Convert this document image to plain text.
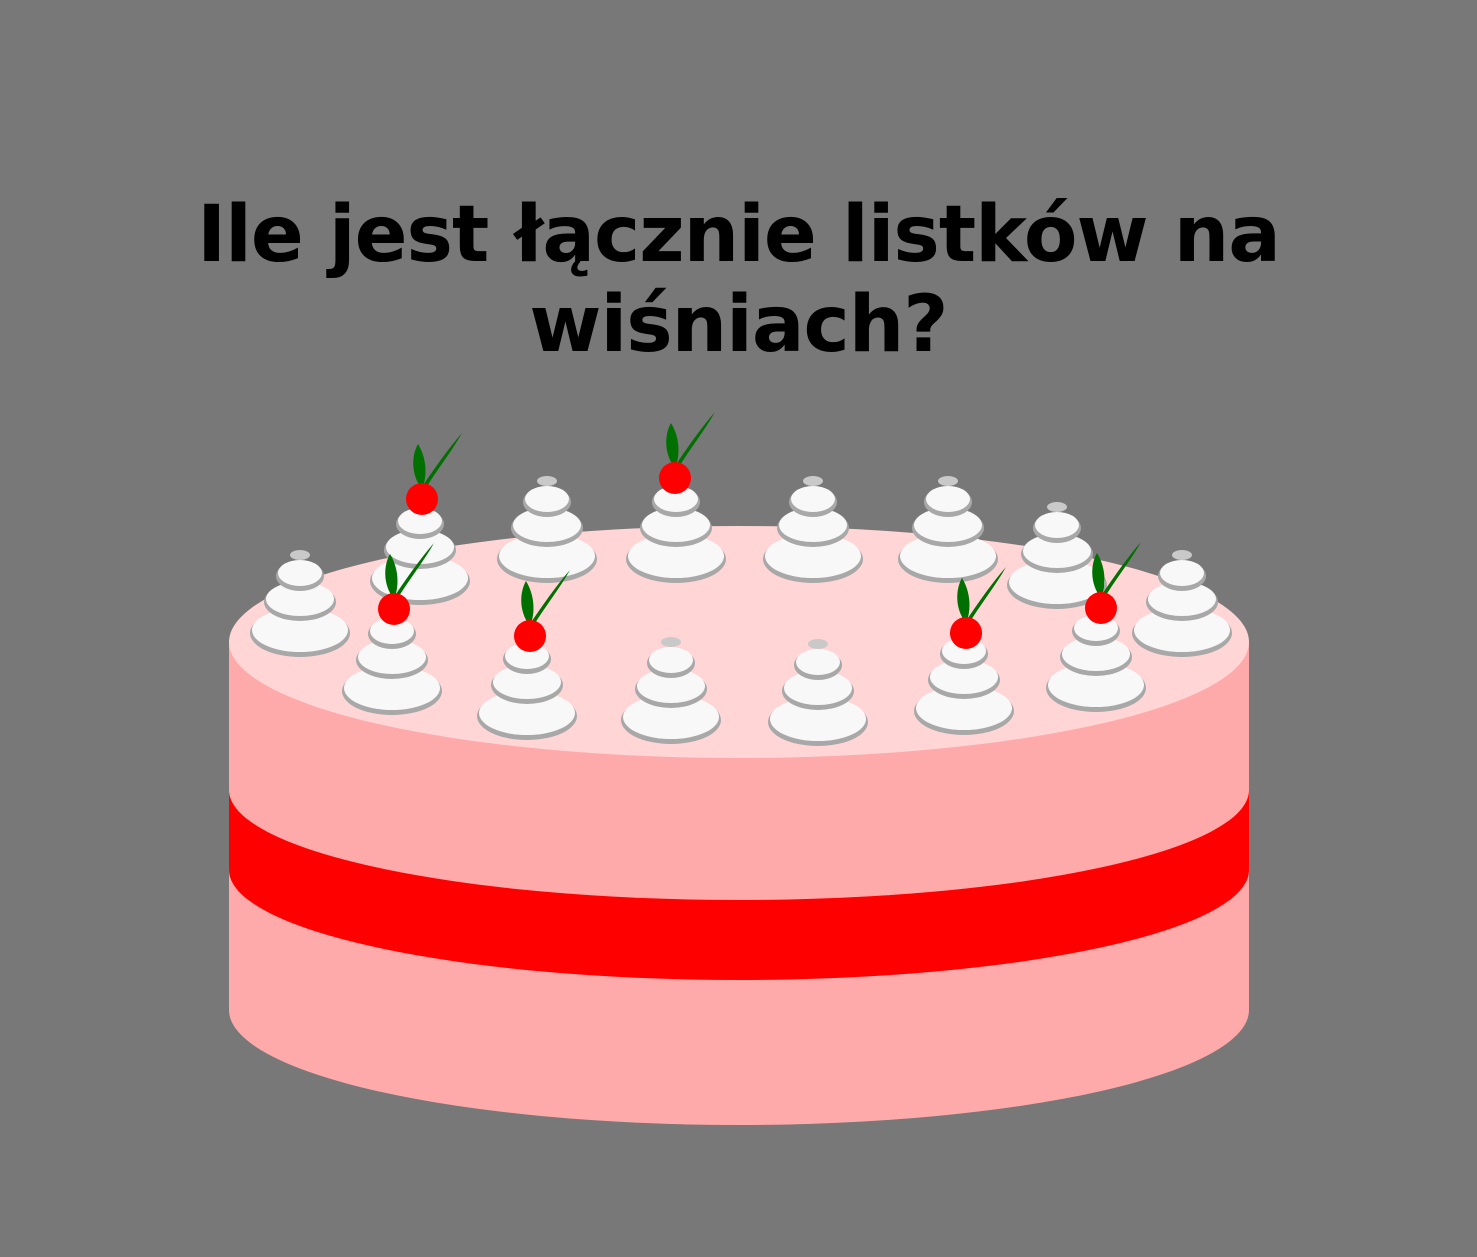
Ile jest łącznie listków na wiśniach?
